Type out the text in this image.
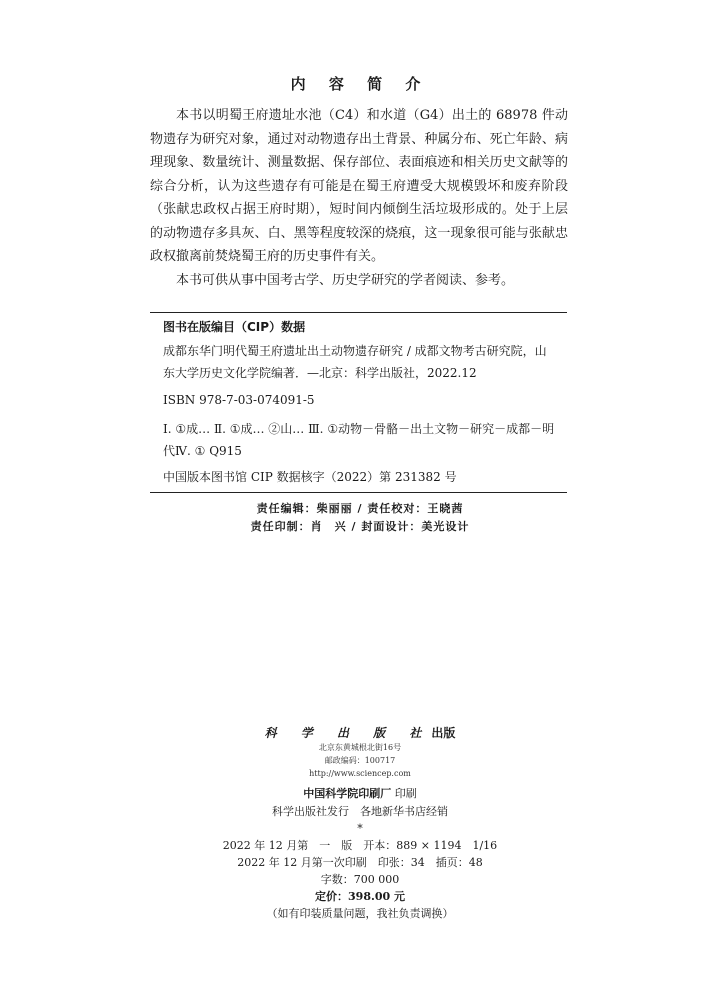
内 容 简 介

本书以明蜀王府遗址水池（C4）和水道（G4）出土的 68978 件动物遗存为研究对象，通过对动物遗存出土背景、种属分布、死亡年龄、病理现象、数量统计、测量数据、保存部位、表面痕迹和相关历史文献等的综合分析，认为这些遗存有可能是在蜀王府遭受大规模毁坏和废弃阶段（张献忠政权占据王府时期），短时间内倾倒生活垃圾形成的。处于上层的动物遗存多具灰、白、黑等程度较深的烧痕，这一现象很可能与张献忠政权撤离前焚烧蜀王府的历史事件有关。

本书可供从事中国考古学、历史学研究的学者阅读、参考。

图书在版编目（CIP）数据

成都东华门明代蜀王府遗址出土动物遗存研究 / 成都文物考古研究院，山东大学历史文化学院编著．—北京：科学出版社，2022.12

ISBN 978-7-03-074091-5

Ⅰ. ①成… Ⅱ. ①成… ②山… Ⅲ. ①动物－骨骼－出土文物－研究－成都－明代Ⅳ. ① Q915

中国版本图书馆 CIP 数据核字（2022）第 231382 号
责任编辑：柴丽丽 / 责任校对：王晓茜
责任印制：肖　兴 / 封面设计：美光设计
科 学 出 版 社出版
北京东黄城根北街16号
邮政编码：100717
http://www.sciencep.com
中国科学院印刷厂 印刷
科学出版社发行　各地新华书店经销
*
2022 年 12 月第　一　版　开本：889 × 1194　1/16
2022 年 12 月第一次印刷　印张：34　插页：48
字数：700 000
定价：398.00 元
（如有印装质量问题，我社负责调换）
